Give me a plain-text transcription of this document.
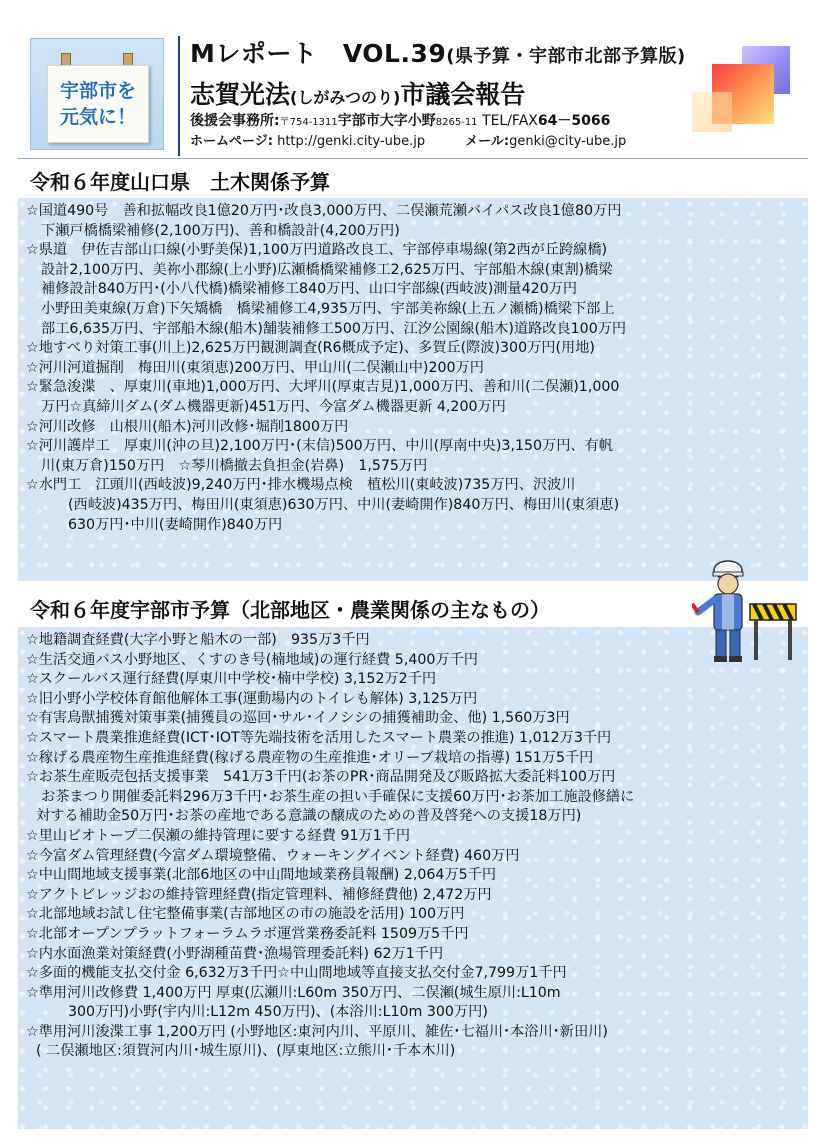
宇部市を
元気に！
Mレポート　VOL.39(県予算・宇部市北部予算版)
志賀光法(しがみつのり)市議会報告
後援会事務所:〒754-1311宇部市大字小野8265-11 TEL/FAX64－5066
ホームページ: http://genki.city-ube.jp	メール:genki@city-ube.jp
令和６年度山口県　土木関係予算
☆国道490号　善和拡幅改良1億20万円･改良3,000万円、二俣瀬荒瀬バイパス改良1億80万円
下瀬戸橋橋梁補修(2,100万円)、善和橋設計(4,200万円)
☆県道　伊佐吉部山口線(小野美保)1,100万円道路改良工、宇部停車場線(第2西が丘跨線橋)
設計2,100万円、美祢小郡線(上小野)広瀬橋橋梁補修工2,625万円、宇部船木線(東割)橋梁
補修設計840万円･(小八代橋)橋梁補修工840万円、山口宇部線(西岐波)測量420万円
小野田美東線(万倉)下矢矯橋　橋梁補修工4,935万円、宇部美祢線(上五ノ瀬橋)橋梁下部上
部工6,635万円、宇部船木線(船木)舗装補修工500万円、江汐公園線(船木)道路改良100万円
☆地すべり対策工事(川上)2,625万円観測調査(R6概成予定)、多賀丘(際波)300万円(用地)
☆河川河道掘削　梅田川(東須恵)200万円、甲山川(二俣瀬山中)200万円
☆緊急浚渫　、厚東川(車地)1,000万円、大坪川(厚東吉見)1,000万円、善和川(二俣瀬)1,000
万円☆真締川ダム(ダム機器更新)451万円、今富ダム機器更新 4,200万円
☆河川改修　山根川(船木)河川改修･堀削1800万円
☆河川護岸工　厚東川(沖の旦)2,100万円･(末信)500万円、中川(厚南中央)3,150万円、有帆
川(東万倉)150万円　☆琴川橋撤去負担金(岩鼻)　1,575万円
☆水門工　江頭川(西岐波)9,240万円･排水機場点検　植松川(東岐波)735万円、沢波川
(西岐波)435万円、梅田川(東須恵)630万円、中川(妻崎開作)840万円、梅田川(東須恵)
630万円･中川(妻崎開作)840万円
令和６年度宇部市予算（北部地区・農業関係の主なもの）
☆地籍調査経費(大字小野と船木の一部)　935万3千円
☆生活交通バス小野地区、くすのき号(楠地域)の運行経費 5,400万千円
☆スクールバス運行経費(厚東川中学校･楠中学校) 3,152万2千円
☆旧小野小学校体育館他解体工事(運動場内のトイレも解体) 3,125万円
☆有害鳥獣捕獲対策事業(捕獲員の巡回･サル･イノシシの捕獲補助金、他) 1,560万3円
☆スマート農業推進経費(ICT･IOT等先端技術を活用したスマート農業の推進) 1,012万3千円
☆稼げる農産物生産推進経費(稼げる農産物の生産推進･オリーブ栽培の指導) 151万5千円
☆お茶生産販売包括支援事業　541万3千円(お茶のPR･商品開発及び販路拡大委託料100万円
お茶まつり開催委託料296万3千円･お茶生産の担い手確保に支援60万円･お茶加工施設修繕に
対する補助金50万円･お茶の産地である意識の醸成のための普及啓発への支援18万円)
☆里山ビオトープ二俣瀬の維持管理に要する経費 91万1千円
☆今富ダム管理経費(今富ダム環境整備、ウォーキングイベント経費) 460万円
☆中山間地域支援事業(北部6地区の中山間地域業務員報酬) 2,064万5千円
☆アクトビレッジおの維持管理経費(指定管理料、補修経費他) 2,472万円
☆北部地域お試し住宅整備事業(吉部地区の市の施設を活用) 100万円
☆北部オープンプラットフォーラムラボ運営業務委託料 1509万5千円
☆内水面漁業対策経費(小野湖種苗費･漁場管理委託料) 62万1千円
☆多面的機能支払交付金 6,632万3千円☆中山間地域等直接支払交付金7,799万1千円
☆準用河川改修費 1,400万円 厚東(広瀬川:L60m 350万円、二俣瀬(城生原川:L10m
300万円)小野(宇内川:L12m 450万円)、(本浴川:L10m 300万円)
☆準用河川浚渫工事 1,200万円 (小野地区:東河内川、平原川、雑佐･七福川･本浴川･新田川)
( 二俣瀬地区:須賀河内川･城生原川)、(厚東地区:立熊川･千本木川)
